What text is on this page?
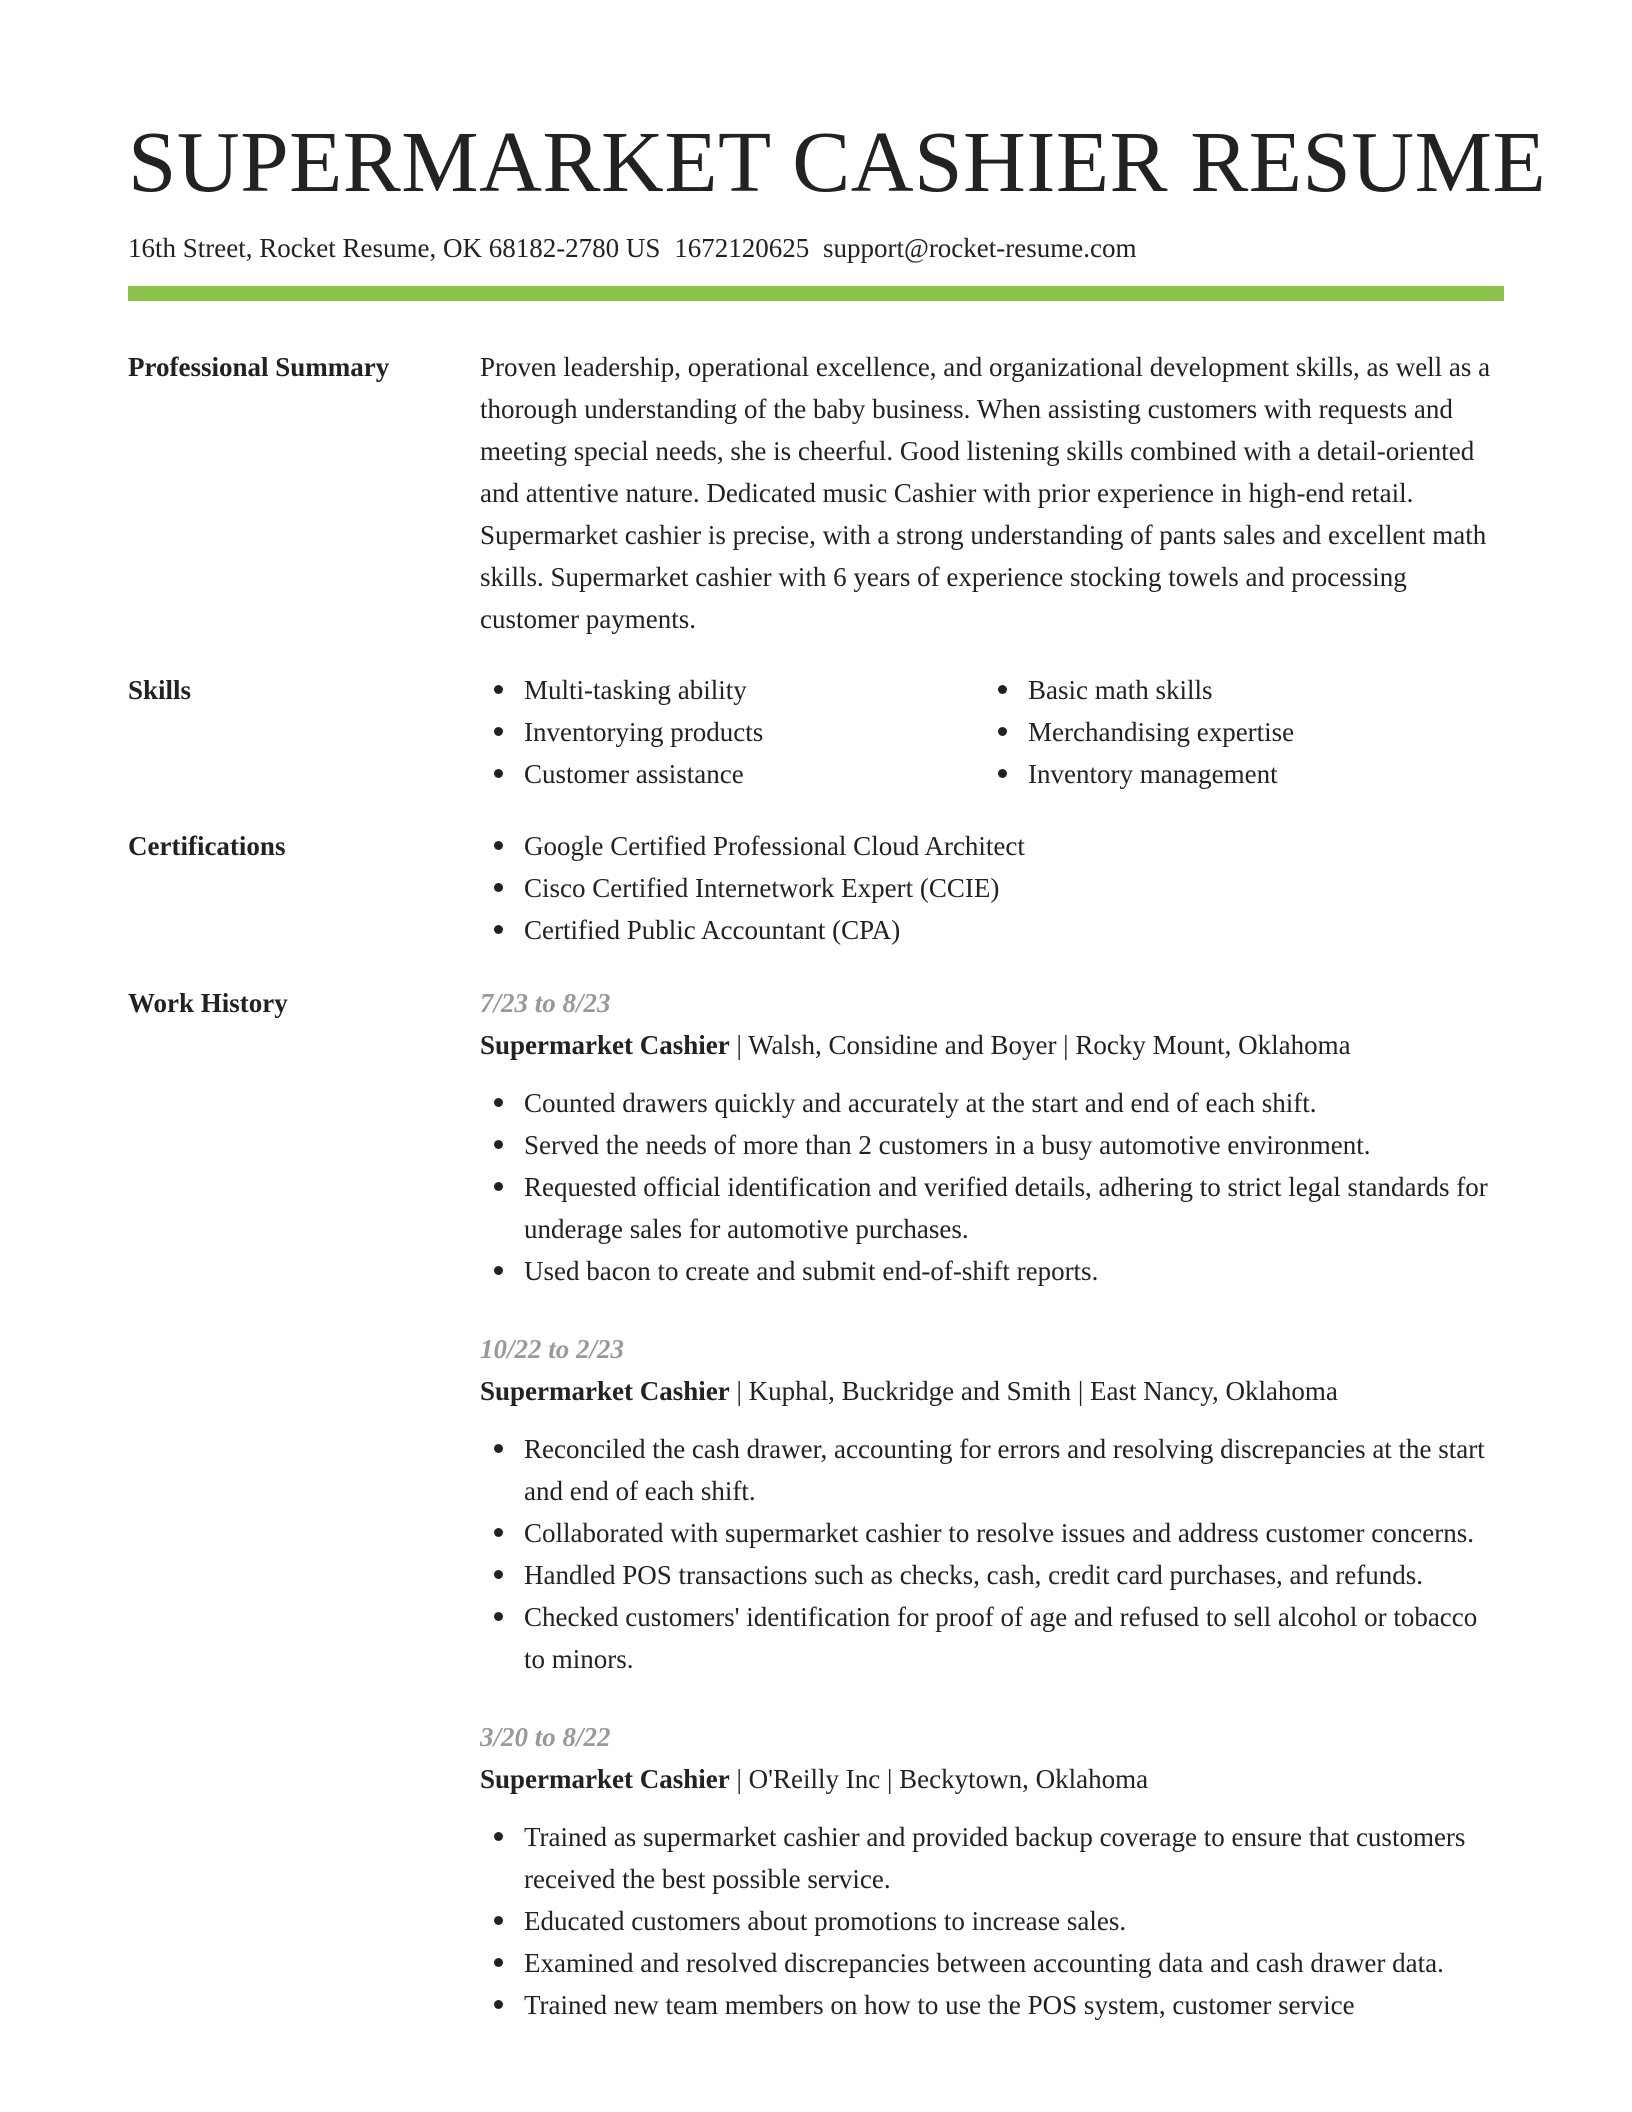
SUPERMARKET CASHIER RESUME
16th Street, Rocket Resume, OK 68182-2780 US 1672120625 support@rocket-resume.com
Professional Summary	Proven leadership, operational excellence, and organizational development skills, as well as a thorough understanding of the baby business. When assisting customers with requests and meeting special needs, she is cheerful. Good listening skills combined with a detail-oriented and attentive nature. Dedicated music Cashier with prior experience in high-end retail. Supermarket cashier is precise, with a strong understanding of pants sales and excellent math skills. Supermarket cashier with 6 years of experience stocking towels and processing customer payments.

Skills	Multi-tasking ability
Inventorying products
Customer assistance
Basic math skills
Merchandising expertise
Inventory management
Certifications	Google Certified Professional Cloud Architect
Cisco Certified Internetwork Expert (CCIE)
Certified Public Accountant (CPA)
Work History	7/23 to 8/23
Supermarket Cashier | Walsh, Considine and Boyer | Rocky Mount, Oklahoma
Counted drawers quickly and accurately at the start and end of each shift.
Served the needs of more than 2 customers in a busy automotive environment.
Requested official identification and verified details, adhering to strict legal standards for underage sales for automotive purchases.
Used bacon to create and submit end-of-shift reports.
10/22 to 2/23
Supermarket Cashier | Kuphal, Buckridge and Smith | East Nancy, Oklahoma
Reconciled the cash drawer, accounting for errors and resolving discrepancies at the start and end of each shift.
Collaborated with supermarket cashier to resolve issues and address customer concerns.
Handled POS transactions such as checks, cash, credit card purchases, and refunds.
Checked customers' identification for proof of age and refused to sell alcohol or tobacco to minors.
3/20 to 8/22
Supermarket Cashier | O'Reilly Inc | Beckytown, Oklahoma
Trained as supermarket cashier and provided backup coverage to ensure that customers received the best possible service.
Educated customers about promotions to increase sales.
Examined and resolved discrepancies between accounting data and cash drawer data.
Trained new team members on how to use the POS system, customer service
